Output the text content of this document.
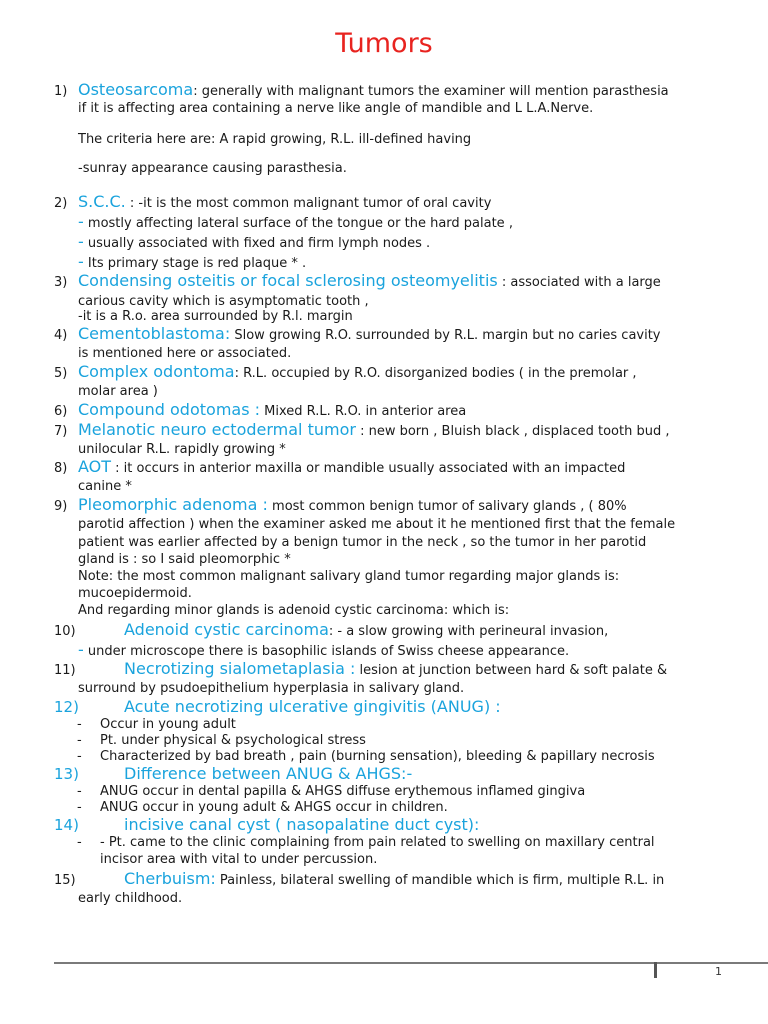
Tumors
1) Osteosarcoma: generally with malignant tumors the examiner will mention parasthesia
if it is affecting area containing a nerve like angle of mandible and L L.A.Nerve.
The criteria here are: A rapid growing, R.L. ill-defined having
-sunray appearance causing parasthesia.
2) S.C.C. : -it is the most common malignant tumor of oral cavity
- mostly affecting lateral surface of the tongue or the hard palate ,
- usually associated with fixed and firm lymph nodes .
- Its primary stage is red plaque * .
3) Condensing osteitis or focal sclerosing osteomyelitis : associated with a large
carious cavity which is asymptomatic tooth ,
-it is a R.o. area surrounded by R.l. margin
4) Cementoblastoma: Slow growing R.O. surrounded by R.L. margin but no caries cavity
is mentioned here or associated.
5) Complex odontoma: R.L. occupied by R.O. disorganized bodies ( in the premolar ,
molar area )
6) Compound odotomas : Mixed R.L. R.O. in anterior area
7) Melanotic neuro ectodermal tumor : new born , Bluish black , displaced tooth bud ,
unilocular R.L. rapidly growing *
8) AOT : it occurs in anterior maxilla or mandible usually associated with an impacted
canine *
9) Pleomorphic adenoma : most common benign tumor of salivary glands , ( 80%
parotid affection ) when the examiner asked me about it he mentioned first that the female
patient was earlier affected by a benign tumor in the neck , so the tumor in her parotid
gland is : so I said pleomorphic *
Note: the most common malignant salivary gland tumor regarding major glands is:
mucoepidermoid.
And regarding minor glands is adenoid cystic carcinoma: which is:
10)	Adenoid cystic carcinoma: - a slow growing with perineural invasion,
- under microscope there is basophilic islands of Swiss cheese appearance.
11)	Necrotizing sialometaplasia : lesion at junction between hard & soft palate &
surround by psudoepithelium hyperplasia in salivary gland.
12)	Acute necrotizing ulcerative gingivitis (ANUG) :
- Occur in young adult
- Pt. under physical & psychological stress
- Characterized by bad breath , pain (burning sensation), bleeding & papillary necrosis
13)	Difference between ANUG & AHGS:-
- ANUG occur in dental papilla & AHGS diffuse erythemous inflamed gingiva
- ANUG occur in young adult & AHGS occur in children.
14)	incisive canal cyst ( nasopalatine duct cyst):
- - Pt. came to the clinic complaining from pain related to swelling on maxillary central
incisor area with vital to under percussion.
15)	Cherbuism: Painless, bilateral swelling of mandible which is firm, multiple R.L. in
early childhood.
1
